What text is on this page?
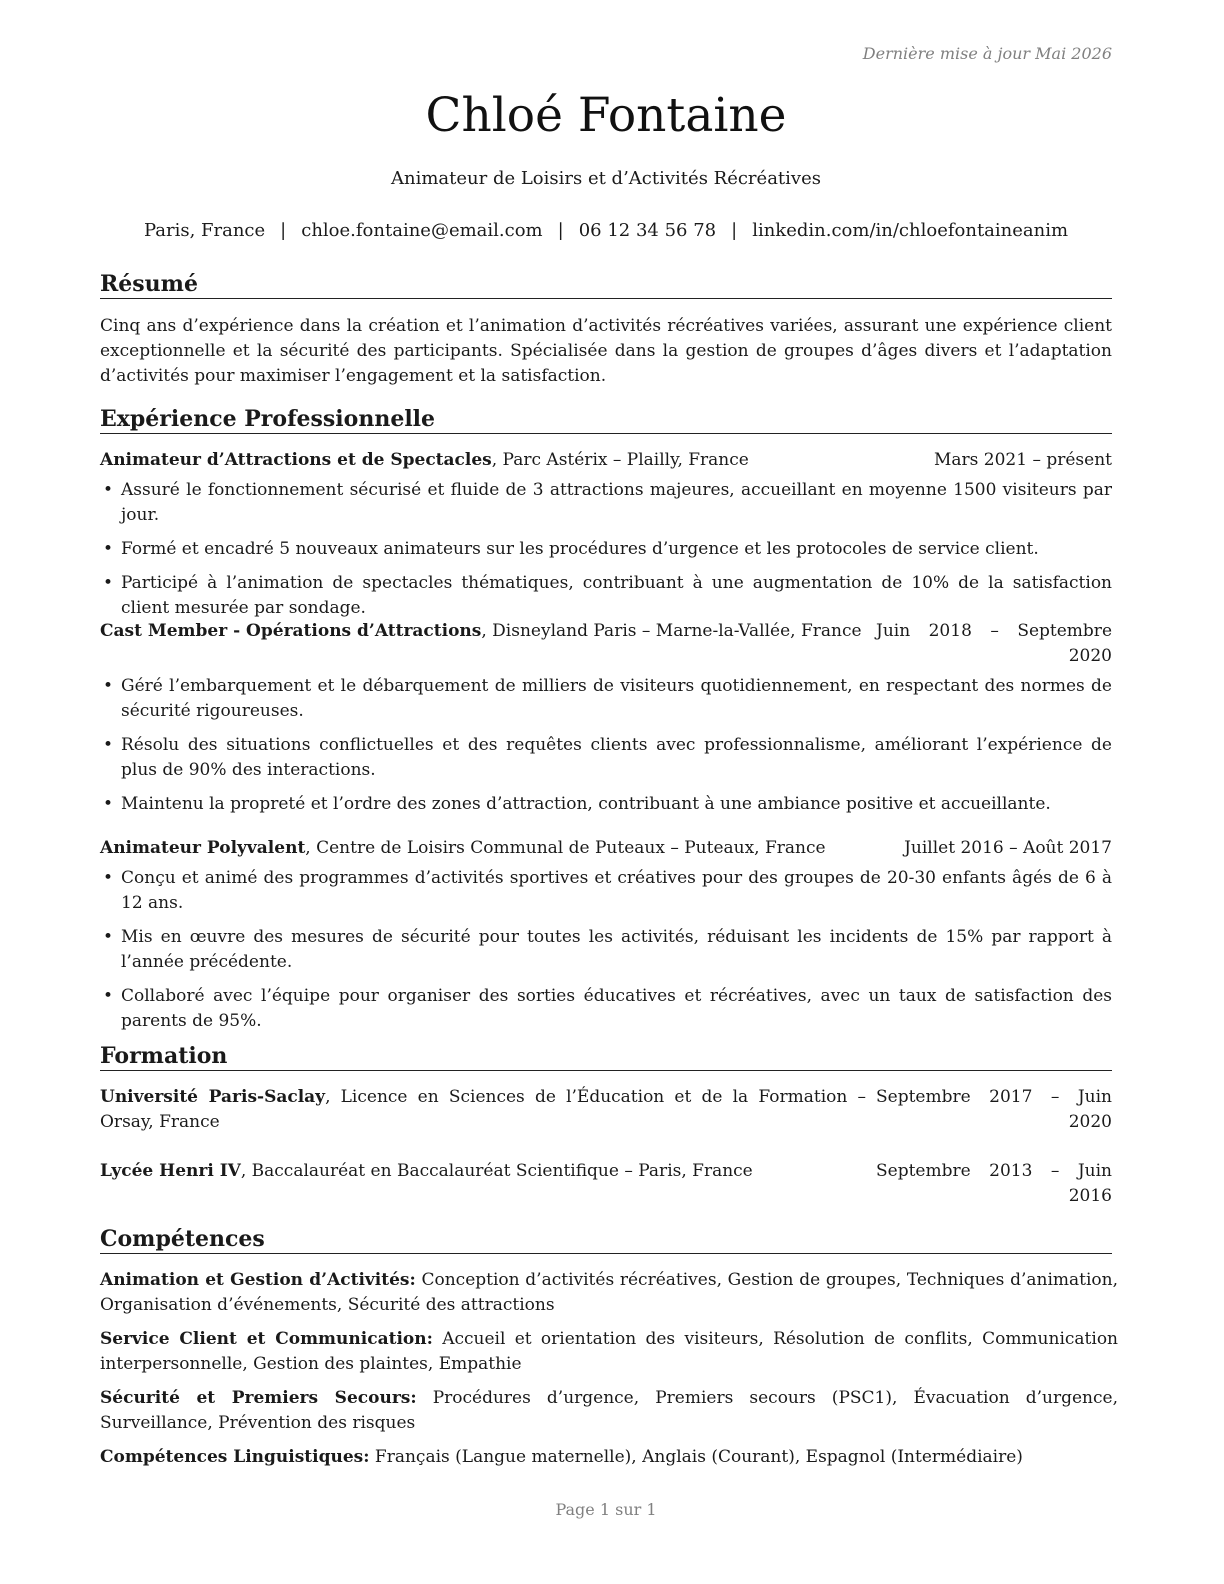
Dernière mise à jour Mai 2026
Chloé Fontaine
Animateur de Loisirs et d’Activités Récréatives
Paris, France | chloe.fontaine@email.com | 06 12 34 56 78 | linkedin.com/in/chloefontaineanim
Résumé
Cinq ans d’expérience dans la création et l’animation d’activités récréatives variées, assurant une expérience client exceptionnelle et la sécurité des participants. Spécialisée dans la gestion de groupes d’âges divers et l’adaptation d’activités pour maximiser l’engagement et la satisfaction.
Expérience Professionnelle
Animateur d’Attractions et de Spectacles, Parc Astérix – Plailly, France	Mars 2021 – présent
• Assuré le fonctionnement sécurisé et fluide de 3 attractions majeures, accueillant en moyenne 1500 visiteurs par jour.
• Formé et encadré 5 nouveaux animateurs sur les procédures d’urgence et les protocoles de service client.
• Participé à l’animation de spectacles thématiques, contribuant à une augmentation de 10% de la satisfaction client mesurée par sondage.
Cast Member - Opérations d’Attractions, Disneyland Paris – Marne-la-Vallée, France Juin 2018 – Septembre 2020
• Géré l’embarquement et le débarquement de milliers de visiteurs quotidiennement, en respectant des normes de sécurité rigoureuses.
• Résolu des situations conflictuelles et des requêtes clients avec professionnalisme, améliorant l’expérience de plus de 90% des interactions.
• Maintenu la propreté et l’ordre des zones d’attraction, contribuant à une ambiance positive et accueillante.
Animateur Polyvalent, Centre de Loisirs Communal de Puteaux – Puteaux, France	Juillet 2016 – Août 2017
• Conçu et animé des programmes d’activités sportives et créatives pour des groupes de 20-30 enfants âgés de 6 à 12 ans.
• Mis en œuvre des mesures de sécurité pour toutes les activités, réduisant les incidents de 15% par rapport à l’année précédente.
• Collaboré avec l’équipe pour organiser des sorties éducatives et récréatives, avec un taux de satisfaction des parents de 95%.
Formation
Université Paris-Saclay, Licence en Sciences de l’Éducation et de la Formation – Orsay, France
Septembre 2017 – Juin 2020
Lycée Henri IV, Baccalauréat en Baccalauréat Scientifique – Paris, France	Septembre 2013 – Juin 2016
Compétences
Animation et Gestion d’Activités: Conception d’activités récréatives, Gestion de groupes, Techniques d’animation, Organisation d’événements, Sécurité des attractions
Service Client et Communication: Accueil et orientation des visiteurs, Résolution de conflits, Communication interpersonnelle, Gestion des plaintes, Empathie
Sécurité et Premiers Secours: Procédures d’urgence, Premiers secours (PSC1), Évacuation d’urgence, Surveillance, Prévention des risques
Compétences Linguistiques: Français (Langue maternelle), Anglais (Courant), Espagnol (Intermédiaire)
Page 1 sur 1
